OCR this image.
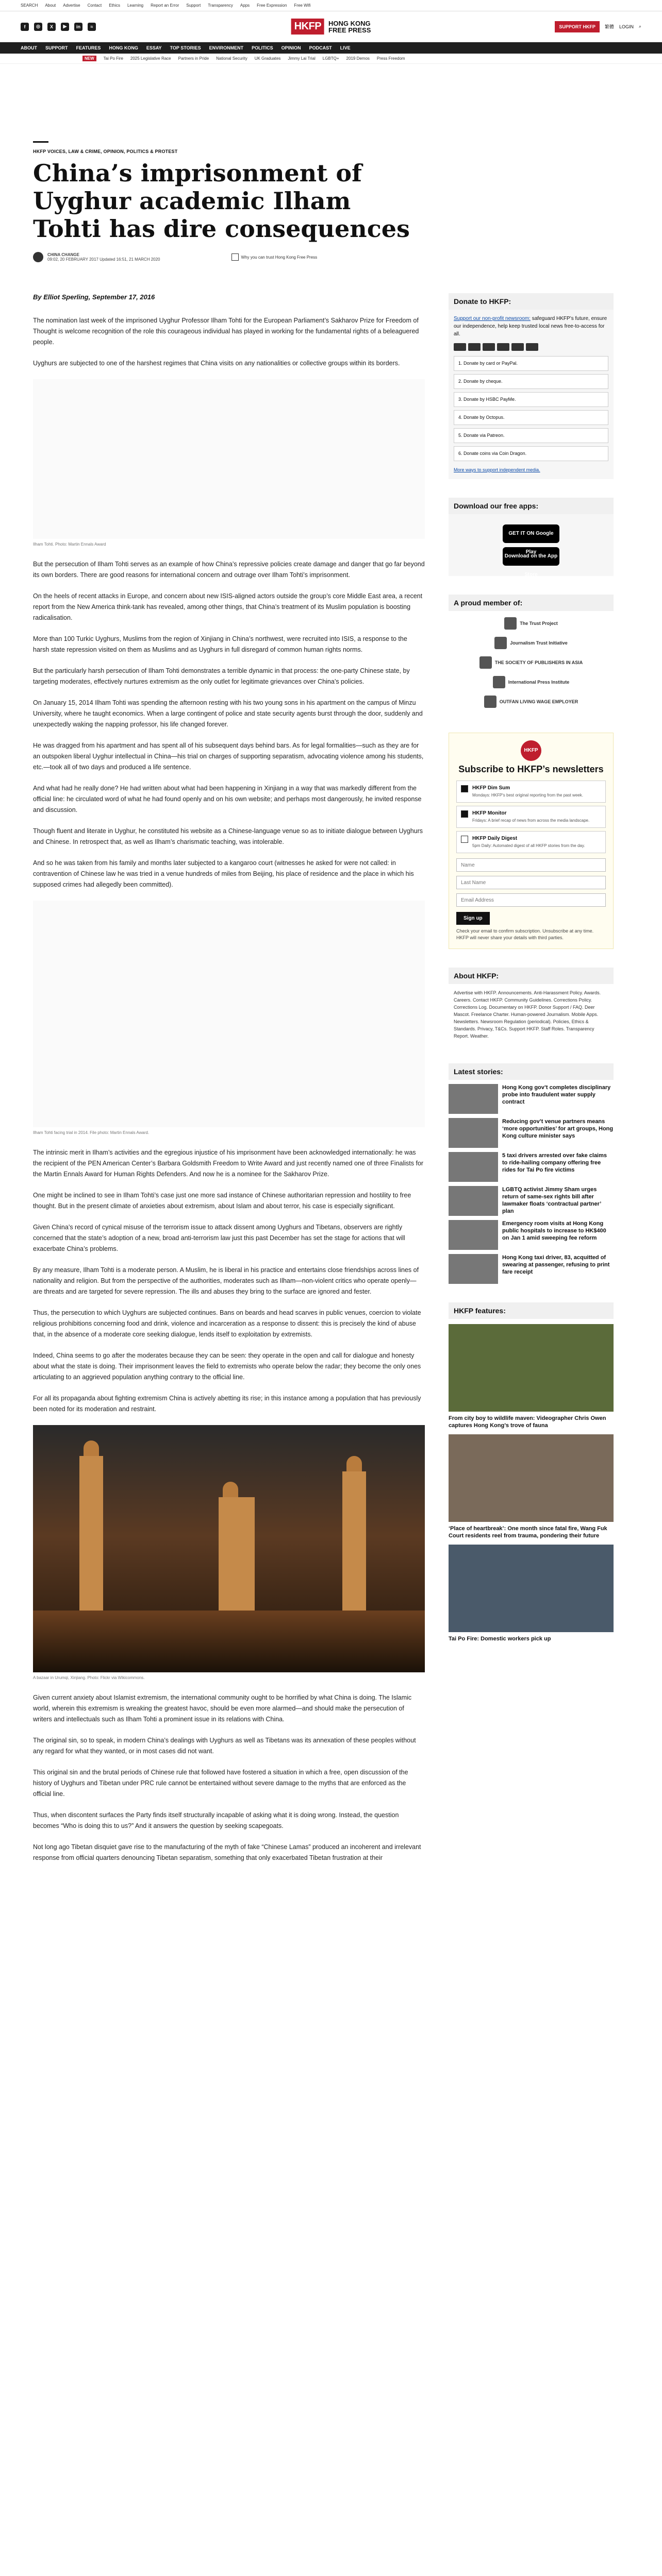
SEARCH About Advertise Contact Ethics Learning Report an Error Support Transparency Apps Free Expression Free Wifi
f	◎	X	▶	in	≈	HKFP	HONG KONG
FREE PRESS	SUPPORT HKFP	繁體 LOGIN ⌕
ABOUT SUPPORT FEATURES HONG KONG ESSAY TOP STORIES ENVIRONMENT POLITICS OPINION PODCAST LIVE
NEW	Tai Po Fire 2025 Legislative Race Partners in Pride National Security UK Graduates Jimmy Lai Trial LGBTQ+ 2019 Demos Press Freedom
HKFP VOICES, LAW & CRIME, OPINION, POLITICS & PROTEST
China’s imprisonment of Uyghur academic Ilham Tohti has dire consequences
CHINA CHANGE
09:02, 20 FEBRUARY 2017 Updated 16:51, 21 MARCH 2020	Why you can trust Hong Kong Free Press
By Elliot Sperling, September 17, 2016

The nomination last week of the imprisoned Uyghur Professor Ilham Tohti for the European Parliament’s Sakharov Prize for Freedom of Thought is welcome recognition of the role this courageous individual has played in working for the fundamental rights of a beleaguered people.

Uyghurs are subjected to one of the harshest regimes that China visits on any nationalities or collective groups within its borders.

Ilham Tohti. Photo: Martin Ennals Award

But the persecution of Ilham Tohti serves as an example of how China’s repressive policies create damage and danger that go far beyond its own borders. There are good reasons for international concern and outrage over Ilham Tohti’s imprisonment.

On the heels of recent attacks in Europe, and concern about new ISIS-aligned actors outside the group’s core Middle East area, a recent report from the New America think-tank has revealed, among other things, that China’s treatment of its Muslim population is boosting radicalisation.

More than 100 Turkic Uyghurs, Muslims from the region of Xinjiang in China’s northwest, were recruited into ISIS, a response to the harsh state repression visited on them as Muslims and as Uyghurs in full disregard of common human rights norms.

But the particularly harsh persecution of Ilham Tohti demonstrates a terrible dynamic in that process: the one-party Chinese state, by targeting moderates, effectively nurtures extremism as the only outlet for legitimate grievances over China’s policies.

On January 15, 2014 Ilham Tohti was spending the afternoon resting with his two young sons in his apartment on the campus of Minzu University, where he taught economics. When a large contingent of police and state security agents burst through the door, suddenly and unexpectedly waking the napping professor, his life changed forever.

He was dragged from his apartment and has spent all of his subsequent days behind bars. As for legal formalities—such as they are for an outspoken liberal Uyghur intellectual in China—his trial on charges of supporting separatism, advocating violence among his students, etc.—took all of two days and produced a life sentence.

And what had he really done? He had written about what had been happening in Xinjiang in a way that was markedly different from the official line: he circulated word of what he had found openly and on his own website; and perhaps most dangerously, he invited response and discussion.

Though fluent and literate in Uyghur, he constituted his website as a Chinese-language venue so as to initiate dialogue between Uyghurs and Chinese. In retrospect that, as well as Ilham’s charismatic teaching, was intolerable.

And so he was taken from his family and months later subjected to a kangaroo court (witnesses he asked for were not called: in contravention of Chinese law he was tried in a venue hundreds of miles from Beijing, his place of residence and the place in which his supposed crimes had allegedly been committed).

Ilham Tohti facing trial in 2014. File photo: Martin Ennals Award.

The intrinsic merit in Ilham’s activities and the egregious injustice of his imprisonment have been acknowledged internationally: he was the recipient of the PEN American Center’s Barbara Goldsmith Freedom to Write Award and just recently named one of three Finalists for the Martin Ennals Award for Human Rights Defenders. And now he is a nominee for the Sakharov Prize.

One might be inclined to see in Ilham Tohti’s case just one more sad instance of Chinese authoritarian repression and hostility to free thought. But in the present climate of anxieties about extremism, about Islam and about terror, his case is especially significant.

Given China’s record of cynical misuse of the terrorism issue to attack dissent among Uyghurs and Tibetans, observers are rightly concerned that the state’s adoption of a new, broad anti-terrorism law just this past December has set the stage for actions that will exacerbate China’s problems.

By any measure, Ilham Tohti is a moderate person. A Muslim, he is liberal in his practice and entertains close friendships across lines of nationality and religion. But from the perspective of the authorities, moderates such as Ilham—non-violent critics who operate openly—are threats and are targeted for severe repression. The ills and abuses they bring to the surface are ignored and fester.

Thus, the persecution to which Uyghurs are subjected continues. Bans on beards and head scarves in public venues, coercion to violate religious prohibitions concerning food and drink, violence and incarceration as a response to dissent: this is precisely the kind of abuse that, in the absence of a moderate core seeking dialogue, lends itself to exploitation by extremists.

Indeed, China seems to go after the moderates because they can be seen: they operate in the open and call for dialogue and honesty about what the state is doing. Their imprisonment leaves the field to extremists who operate below the radar; they become the only ones articulating to an aggrieved population anything contrary to the official line.

For all its propaganda about fighting extremism China is actively abetting its rise; in this instance among a population that has previously been noted for its moderation and restraint.

A bazaar in Urumqi, Xinjiang. Photo: Flickr via Wikicommons.

Given current anxiety about Islamist extremism, the international community ought to be horrified by what China is doing. The Islamic world, wherein this extremism is wreaking the greatest havoc, should be even more alarmed—and should make the persecution of writers and intellectuals such as Ilham Tohti a prominent issue in its relations with China.

The original sin, so to speak, in modern China’s dealings with Uyghurs as well as Tibetans was its annexation of these peoples without any regard for what they wanted, or in most cases did not want.

This original sin and the brutal periods of Chinese rule that followed have fostered a situation in which a free, open discussion of the history of Uyghurs and Tibetan under PRC rule cannot be entertained without severe damage to the myths that are enforced as the official line.

Thus, when discontent surfaces the Party finds itself structurally incapable of asking what it is doing wrong. Instead, the question becomes “Who is doing this to us?” And it answers the question by seeking scapegoats.

Not long ago Tibetan disquiet gave rise to the manufacturing of the myth of fake “Chinese Lamas” produced an incoherent and irrelevant response from official quarters denouncing Tibetan separatism, something that only exacerbated Tibetan frustration at their

Donate to HKFP:
Support our non-profit newsroom: safeguard HKFP’s future, ensure our independence, help keep trusted local news free-to-access for all.
1. Donate by card or PayPal.
2. Donate by cheque.
3. Donate by HSBC PayMe.
4. Donate by Octopus.
5. Donate via Patreon.
6. Donate coins via Coin Dragon.
More ways to support independent media.
Download our free apps:
GET IT ON Google
Download on the App Store
A proud member of:
The Trust Project
Journalism Trust Initiative
THE SOCIETY OF PUBLISHERS IN ASIA
International Press Institute
OUTFAN LIVING WAGE EMPLOYER
HKFP
Subscribe to HKFP’s newsletters
HKFP Dim Sum
Mondays: HKFP's best original reporting from the past week.
HKFP Monitor
Fridays: A brief recap of news from across the media landscape.
HKFP Daily Digest
5pm Daily: Automated digest of all HKFP stories from the day.
Name Last Name Email Address
Sign up
Check your email to confirm subscription. Unsubscribe at any time. HKFP will never share your details with third parties.
About HKFP:
Advertise with HKFP. Announcements. Anti-Harassment Policy. Awards. Careers. Contact HKFP. Community Guidelines. Corrections Policy. Corrections Log. Documentary on HKFP. Donor Support / FAQ. Deer Mascot. Freelance Charter. Human-powered Journalism. Mobile Apps. Newsletters. Newsroom Regulation (periodical). Policies, Ethics & Standards. Privacy, T&Cs. Support HKFP. Staff Roles. Transparency Report. Weather.
Latest stories:
Hong Kong gov’t completes disciplinary probe into fraudulent water supply contract
Reducing gov’t venue partners means ‘more opportunities’ for art groups, Hong Kong culture minister says
5 taxi drivers arrested over fake claims to ride-hailing company offering free rides for Tai Po fire victims
LGBTQ activist Jimmy Sham urges return of same-sex rights bill after lawmaker floats ‘contractual partner’ plan
Emergency room visits at Hong Kong public hospitals to increase to HK$400 on Jan 1 amid sweeping fee reform
Hong Kong taxi driver, 83, acquitted of swearing at passenger, refusing to print fare receipt
HKFP features:
From city boy to wildlife maven: Videographer Chris Owen captures Hong Kong’s trove of fauna
‘Place of heartbreak’: One month since fatal fire, Wang Fuk Court residents reel from trauma, pondering their future
Tai Po Fire: Domestic workers pick up
